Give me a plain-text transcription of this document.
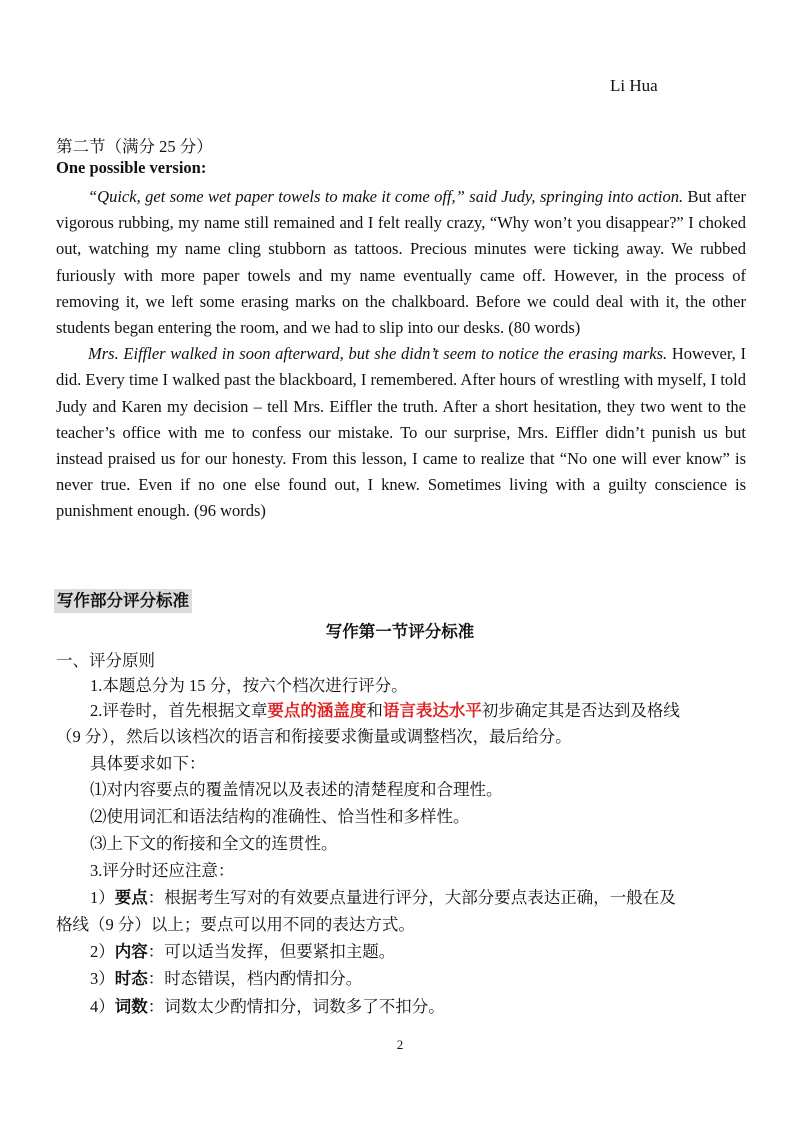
Li Hua
第二节（满分 25 分）
One possible version:

“Quick, get some wet paper towels to make it come off,” said Judy, springing into action. But after vigorous rubbing, my name still remained and I felt really crazy, “Why won’t you disappear?” I choked out, watching my name cling stubborn as tattoos. Precious minutes were ticking away. We rubbed furiously with more paper towels and my name eventually came off. However, in the process of removing it, we left some erasing marks on the chalkboard. Before we could deal with it, the other students began entering the room, and we had to slip into our desks. (80 words)

Mrs. Eiffler walked in soon afterward, but she didn’t seem to notice the erasing marks. However, I did. Every time I walked past the blackboard, I remembered. After hours of wrestling with myself, I told Judy and Karen my decision – tell Mrs. Eiffler the truth. After a short hesitation, they two went to the teacher’s office with me to confess our mistake. To our surprise, Mrs. Eiffler didn’t punish us but instead praised us for our honesty. From this lesson, I came to realize that “No one will ever know” is never true. Even if no one else found out, I knew. Sometimes living with a guilty conscience is punishment enough. (96 words)

写作部分评分标准
写作第一节评分标准
一、评分原则
1.本题总分为 15 分，按六个档次进行评分。
2.评卷时，首先根据文章要点的涵盖度和语言表达水平初步确定其是否达到及格线
（9 分），然后以该档次的语言和衔接要求衡量或调整档次，最后给分。
具体要求如下：
⑴对内容要点的覆盖情况以及表述的清楚程度和合理性。
⑵使用词汇和语法结构的准确性、恰当性和多样性。
⑶上下文的衔接和全文的连贯性。
3.评分时还应注意：
1）要点：根据考生写对的有效要点量进行评分，大部分要点表达正确，一般在及
格线（9 分）以上；要点可以用不同的表达方式。
2）内容：可以适当发挥，但要紧扣主题。
3）时态：时态错误，档内酌情扣分。
4）词数：词数太少酌情扣分，词数多了不扣分。
2
